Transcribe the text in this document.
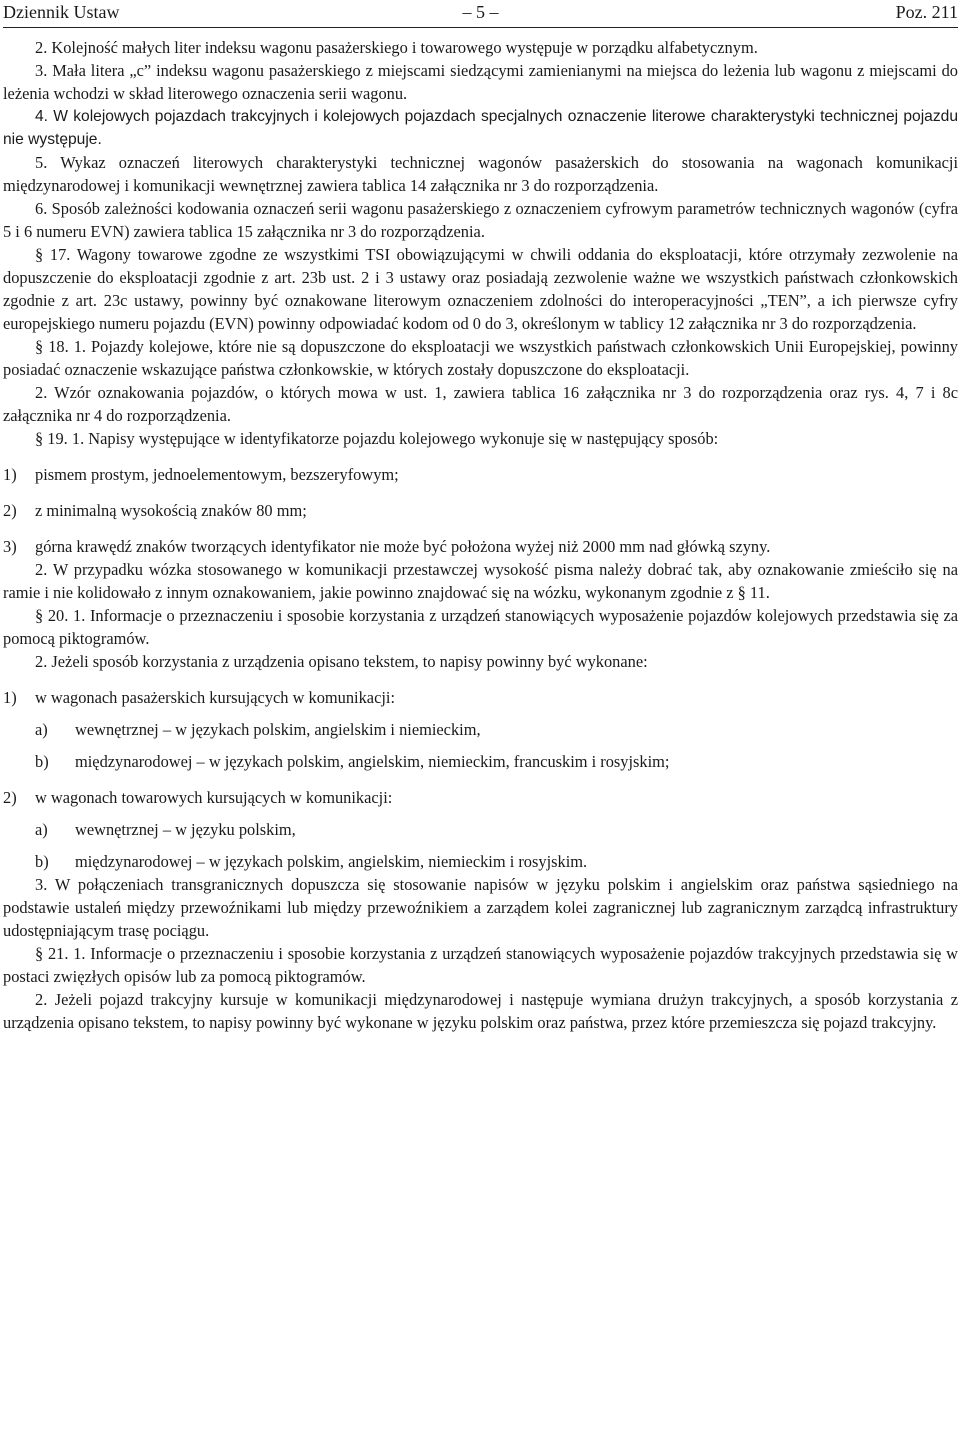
Dziennik Ustaw	– 5 –	Poz. 211

2. Kolejność małych liter indeksu wagonu pasażerskiego i towarowego występuje w porządku alfabetycznym.

3. Mała litera „c” indeksu wagonu pasażerskiego z miejscami siedzącymi zamienianymi na miejsca do leżenia lub wagonu z miejscami do leżenia wchodzi w skład literowego oznaczenia serii wagonu.

4. W kolejowych pojazdach trakcyjnych i kolejowych pojazdach specjalnych oznaczenie literowe charakterystyki technicznej pojazdu nie występuje.

5. Wykaz oznaczeń literowych charakterystyki technicznej wagonów pasażerskich do stosowania na wagonach komunikacji międzynarodowej i komunikacji wewnętrznej zawiera tablica 14 załącznika nr 3 do rozporządzenia.

6. Sposób zależności kodowania oznaczeń serii wagonu pasażerskiego z oznaczeniem cyfrowym parametrów technicznych wagonów (cyfra 5 i 6 numeru EVN) zawiera tablica 15 załącznika nr 3 do rozporządzenia.

§ 17. Wagony towarowe zgodne ze wszystkimi TSI obowiązującymi w chwili oddania do eksploatacji, które otrzymały zezwolenie na dopuszczenie do eksploatacji zgodnie z art. 23b ust. 2 i 3 ustawy oraz posiadają zezwolenie ważne we wszystkich państwach członkowskich zgodnie z art. 23c ustawy, powinny być oznakowane literowym oznaczeniem zdolności do interoperacyjności „TEN”, a ich pierwsze cyfry europejskiego numeru pojazdu (EVN) powinny odpowiadać kodom od 0 do 3, określonym w tablicy 12 załącznika nr 3 do rozporządzenia.

§ 18. 1. Pojazdy kolejowe, które nie są dopuszczone do eksploatacji we wszystkich państwach członkowskich Unii Europejskiej, powinny posiadać oznaczenie wskazujące państwa członkowskie, w których zostały dopuszczone do eksploatacji.

2. Wzór oznakowania pojazdów, o których mowa w ust. 1, zawiera tablica 16 załącznika nr 3 do rozporządzenia oraz rys. 4, 7 i 8c załącznika nr 4 do rozporządzenia.

§ 19. 1. Napisy występujące w identyfikatorze pojazdu kolejowego wykonuje się w następujący sposób:

1) pismem prostym, jednoelementowym, bezszeryfowym;
2) z minimalną wysokością znaków 80 mm;
3) górna krawędź znaków tworzących identyfikator nie może być położona wyżej niż 2000 mm nad główką szyny.

2. W przypadku wózka stosowanego w komunikacji przestawczej wysokość pisma należy dobrać tak, aby oznakowanie zmieściło się na ramie i nie kolidowało z innym oznakowaniem, jakie powinno znajdować się na wózku, wykonanym zgodnie z § 11.

§ 20. 1. Informacje o przeznaczeniu i sposobie korzystania z urządzeń stanowiących wyposażenie pojazdów kolejowych przedstawia się za pomocą piktogramów.

2. Jeżeli sposób korzystania z urządzenia opisano tekstem, to napisy powinny być wykonane:

1) w wagonach pasażerskich kursujących w komunikacji:
a) wewnętrznej – w językach polskim, angielskim i niemieckim,
b) międzynarodowej – w językach polskim, angielskim, niemieckim, francuskim i rosyjskim;
2) w wagonach towarowych kursujących w komunikacji:
a) wewnętrznej – w języku polskim,
b) międzynarodowej – w językach polskim, angielskim, niemieckim i rosyjskim.

3. W połączeniach transgranicznych dopuszcza się stosowanie napisów w języku polskim i angielskim oraz państwa sąsiedniego na podstawie ustaleń między przewoźnikami lub między przewoźnikiem a zarządem kolei zagranicznej lub zagranicznym zarządcą infrastruktury udostępniającym trasę pociągu.

§ 21. 1. Informacje o przeznaczeniu i sposobie korzystania z urządzeń stanowiących wyposażenie pojazdów trakcyjnych przedstawia się w postaci zwięzłych opisów lub za pomocą piktogramów.

2. Jeżeli pojazd trakcyjny kursuje w komunikacji międzynarodowej i następuje wymiana drużyn trakcyjnych, a sposób korzystania z urządzenia opisano tekstem, to napisy powinny być wykonane w języku polskim oraz państwa, przez które przemieszcza się pojazd trakcyjny.
